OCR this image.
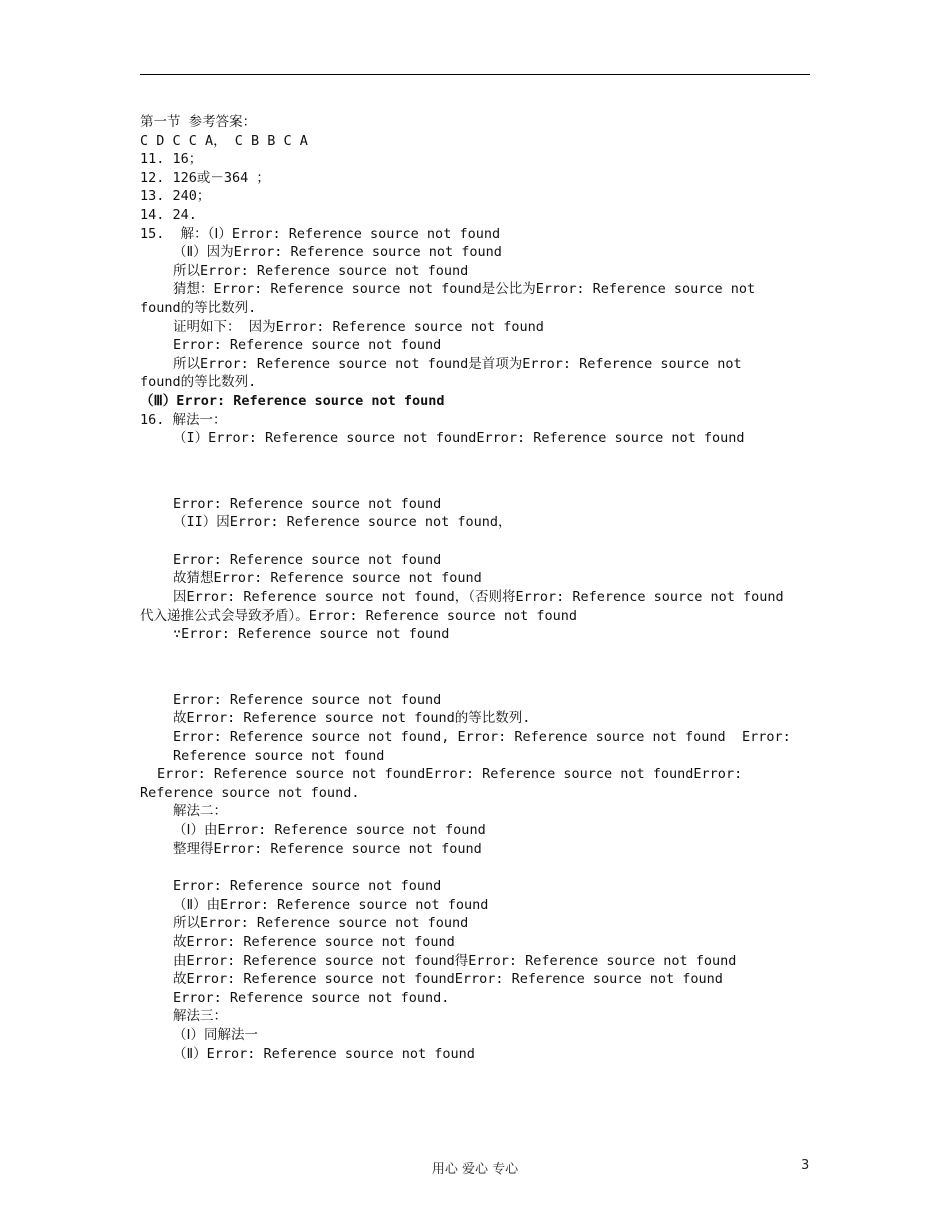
第一节 参考答案：
C D C C A， C B B C A
11. 16；
12. 126或－364 ；
13. 240；
14. 24.
15.  解：（Ⅰ）Error: Reference source not found
（Ⅱ）因为Error: Reference source not found
所以Error: Reference source not found
猜想：Error: Reference source not found是公比为Error: Reference source not
found的等比数列.
证明如下： 因为Error: Reference source not found
Error: Reference source not found
所以Error: Reference source not found是首项为Error: Reference source not
found的等比数列.
（Ⅲ）Error: Reference source not found
16. 解法一：
（I）Error: Reference source not foundError: Reference source not found
Error: Reference source not found
（II）因Error: Reference source not found，
Error: Reference source not found
故猜想Error: Reference source not found
因Error: Reference source not found，（否则将Error: Reference source not found
代入递推公式会导致矛盾）。Error: Reference source not found
∵Error: Reference source not found
Error: Reference source not found
故Error: Reference source not found的等比数列.
Error: Reference source not found, Error: Reference source not found  Error:
Reference source not found
Error: Reference source not foundError: Reference source not foundError:
Reference source not found.
解法二：
（Ⅰ）由Error: Reference source not found
整理得Error: Reference source not found
Error: Reference source not found
（Ⅱ）由Error: Reference source not found
所以Error: Reference source not found
故Error: Reference source not found
由Error: Reference source not found得Error: Reference source not found
故Error: Reference source not foundError: Reference source not found
Error: Reference source not found.
解法三：
（Ⅰ）同解法一
（Ⅱ）Error: Reference source not found
用心 爱心 专心	3
